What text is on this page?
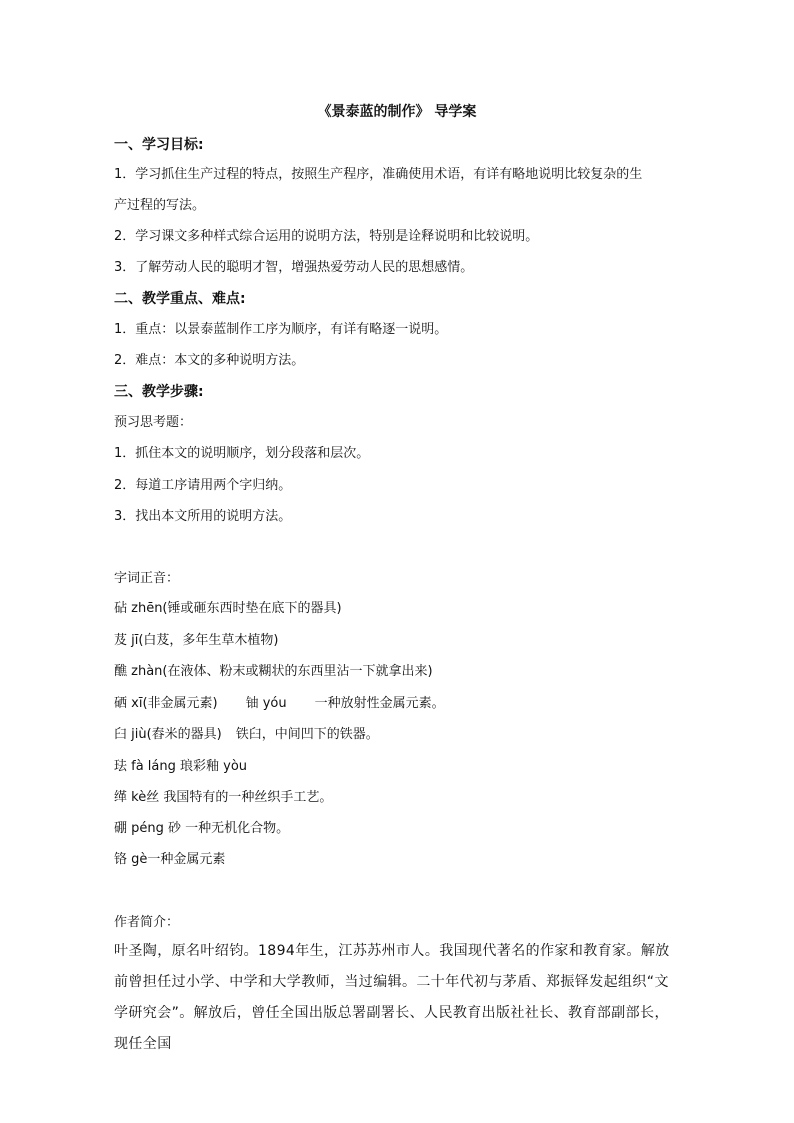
《景泰蓝的制作》 导学案
一、学习目标:
1．学习抓住生产过程的特点，按照生产程序，准确使用术语，有详有略地说明比较复杂的生
产过程的写法。
2．学习课文多种样式综合运用的说明方法，特别是诠释说明和比较说明。
3．了解劳动人民的聪明才智，增强热爱劳动人民的思想感情。
二、教学重点、难点:
1．重点：以景泰蓝制作工序为顺序，有详有略逐一说明。
2．难点：本文的多种说明方法。
三、教学步骤:
预习思考题：
1．抓住本文的说明顺序，划分段落和层次。
2．每道工序请用两个字归纳。
3．找出本文所用的说明方法。
字词正音：
砧 zhēn(锤或砸东西时垫在底下的器具)
芨 jī(白芨，多年生草木植物)
醮 zhàn(在液体、粉末或糊状的东西里沾一下就拿出来)
硒 xī(非金属元素) 铀 yóu 一种放射性金属元素。
臼 jiù(舂米的器具) 铁臼，中间凹下的铁器。
珐 fà láng 琅彩釉 yòu
缂 kè丝 我国特有的一种丝织手工艺。
硼 péng 砂 一种无机化合物。
铬 gè一种金属元素
作者简介：
叶圣陶，原名叶绍钧。1894年生，江苏苏州市人。我国现代著名的作家和教育家。解放前曾担任过小学、中学和大学教师，当过编辑。二十年代初与茅盾、郑振铎发起组织“文学研究会”。解放后，曾任全国出版总署副署长、人民教育出版社社长、教育部副部长，现任全国
